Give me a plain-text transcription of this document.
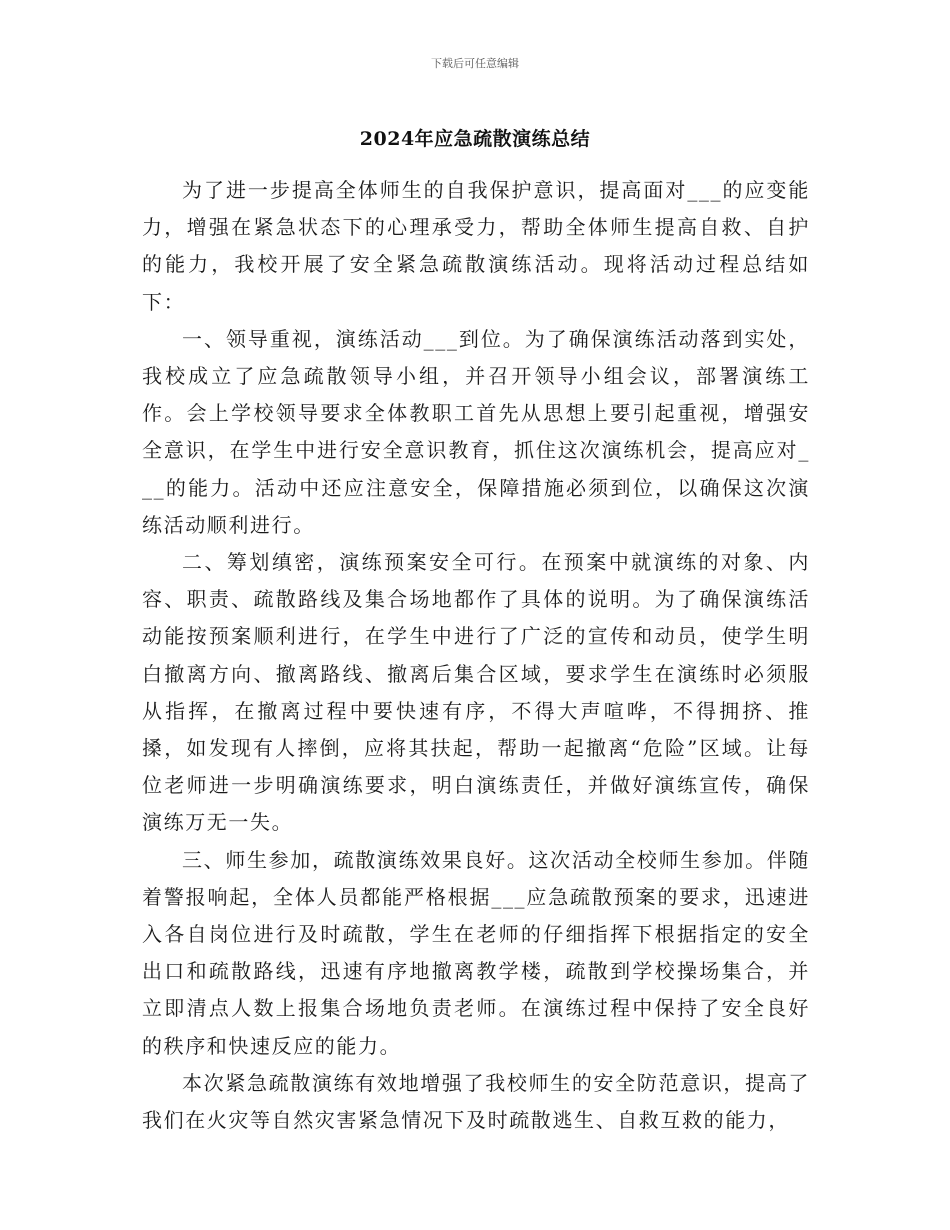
下载后可任意编辑
2024年应急疏散演练总结

为了进一步提高全体师生的自我保护意识，提高面对___的应变能力，增强在紧急状态下的心理承受力，帮助全体师生提高自救、自护的能力，我校开展了安全紧急疏散演练活动。现将活动过程总结如下：

一、领导重视，演练活动___到位。为了确保演练活动落到实处，我校成立了应急疏散领导小组，并召开领导小组会议，部署演练工作。会上学校领导要求全体教职工首先从思想上要引起重视，增强安全意识，在学生中进行安全意识教育，抓住这次演练机会，提高应对___的能力。活动中还应注意安全，保障措施必须到位，以确保这次演练活动顺利进行。

二、筹划缜密，演练预案安全可行。在预案中就演练的对象、内容、职责、疏散路线及集合场地都作了具体的说明。为了确保演练活动能按预案顺利进行，在学生中进行了广泛的宣传和动员，使学生明白撤离方向、撤离路线、撤离后集合区域，要求学生在演练时必须服从指挥，在撤离过程中要快速有序，不得大声喧哗，不得拥挤、推搡，如发现有人摔倒，应将其扶起，帮助一起撤离“危险”区域。让每位老师进一步明确演练要求，明白演练责任，并做好演练宣传，确保演练万无一失。

三、师生参加，疏散演练效果良好。这次活动全校师生参加。伴随着警报响起，全体人员都能严格根据___应急疏散预案的要求，迅速进入各自岗位进行及时疏散，学生在老师的仔细指挥下根据指定的安全出口和疏散路线，迅速有序地撤离教学楼，疏散到学校操场集合，并立即清点人数上报集合场地负责老师。在演练过程中保持了安全良好的秩序和快速反应的能力。

本次紧急疏散演练有效地增强了我校师生的安全防范意识，提高了我们在火灾等自然灾害紧急情况下及时疏散逃生、自救互救的能力，
